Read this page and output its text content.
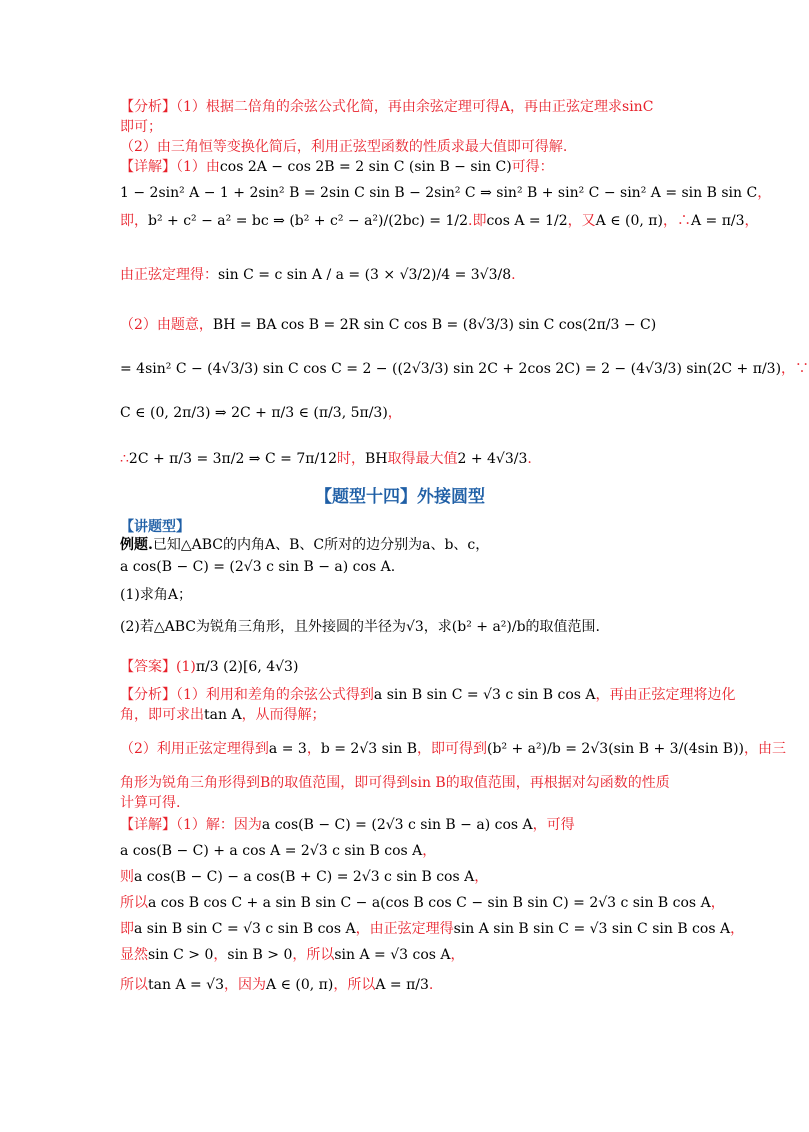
【分析】（1）根据二倍角的余弦公式化简，再由余弦定理可得A，再由正弦定理求sinC
即可；
（2）由三角恒等变换化简后，利用正弦型函数的性质求最大值即可得解.
【详解】（1）由cos 2A − cos 2B = 2 sin C (sin B − sin C)可得：
1 − 2sin² A − 1 + 2sin² B = 2sin C sin B − 2sin² C ⇒ sin² B + sin² C − sin² A = sin B sin C，
即，b² + c² − a² = bc ⇒ (b² + c² − a²)/(2bc) = 1/2.即cos A = 1/2，又A ∈ (0, π)，∴A = π/3，
由正弦定理得：sin C = c sin A / a = (3 × √3/2)/4 = 3√3/8.
（2）由题意，BH = BA cos B = 2R sin C cos B = (8√3/3) sin C cos(2π/3 − C)
= 4sin² C − (4√3/3) sin C cos C = 2 − ((2√3/3) sin 2C + 2cos 2C) = 2 − (4√3/3) sin(2C + π/3)，∵
C ∈ (0, 2π/3) ⇒ 2C + π/3 ∈ (π/3, 5π/3)，
∴2C + π/3 = 3π/2 ⇒ C = 7π/12时，BH取得最大值2 + 4√3/3.
【讲题型】
例题.已知△ABC的内角A、B、C所对的边分别为a、b、c，
a cos(B − C) = (2√3 c sin B − a) cos A.
(1)求角A；
(2)若△ABC为锐角三角形，且外接圆的半径为√3，求(b² + a²)/b的取值范围.
【答案】(1)π/3 (2)[6, 4√3)
【分析】（1）利用和差角的余弦公式得到a sin B sin C = √3 c sin B cos A，再由正弦定理将边化
角，即可求出tan A，从而得解；
（2）利用正弦定理得到a = 3，b = 2√3 sin B，即可得到(b² + a²)/b = 2√3(sin B + 3/(4sin B))，由三
角形为锐角三角形得到B的取值范围，即可得到sin B的取值范围，再根据对勾函数的性质
计算可得.
【详解】（1）解：因为a cos(B − C) = (2√3 c sin B − a) cos A，可得
a cos(B − C) + a cos A = 2√3 c sin B cos A，
则a cos(B − C) − a cos(B + C) = 2√3 c sin B cos A，
所以a cos B cos C + a sin B sin C − a(cos B cos C − sin B sin C) = 2√3 c sin B cos A，
即a sin B sin C = √3 c sin B cos A，由正弦定理得sin A sin B sin C = √3 sin C sin B cos A，
显然sin C > 0，sin B > 0，所以sin A = √3 cos A，
所以tan A = √3，因为A ∈ (0, π)，所以A = π/3.
【题型十四】外接圆型
